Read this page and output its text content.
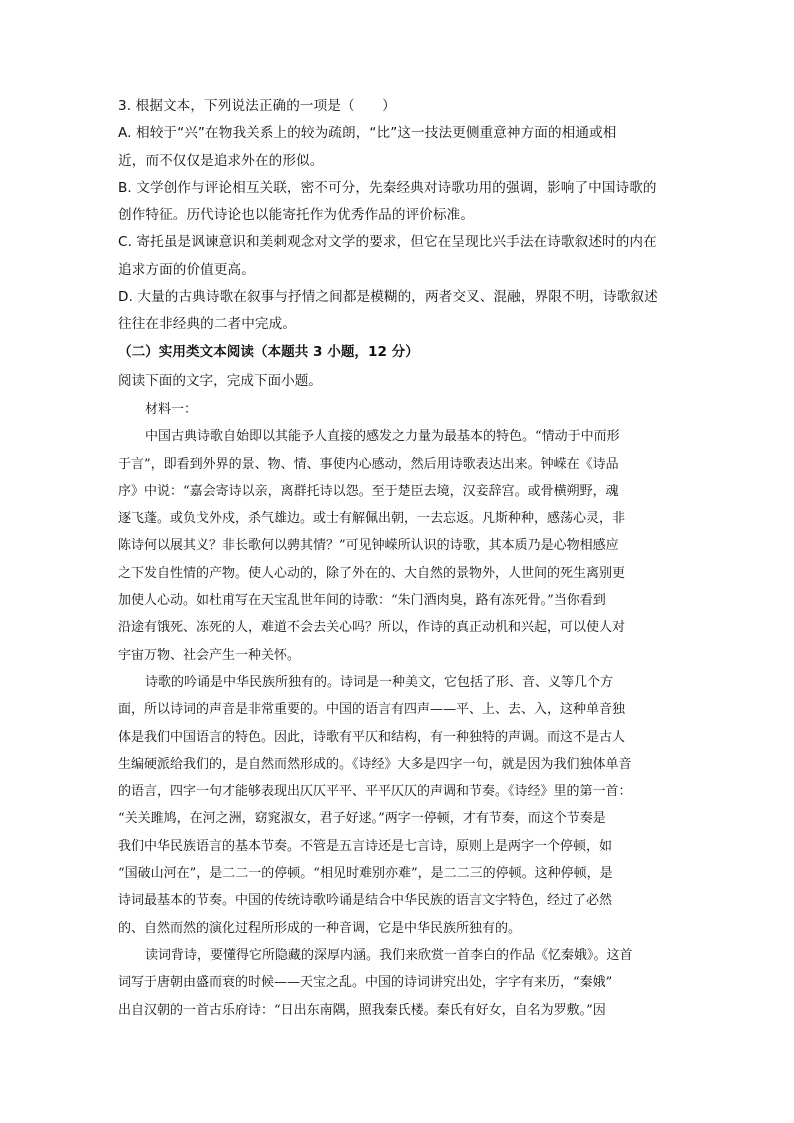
3. 根据文本，下列说法正确的一项是（　　）
A. 相较于“兴”在物我关系上的较为疏朗，“比”这一技法更侧重意神方面的相通或相
近，而不仅仅是追求外在的形似。
B. 文学创作与评论相互关联，密不可分，先秦经典对诗歌功用的强调，影响了中国诗歌的
创作特征。历代诗论也以能寄托作为优秀作品的评价标准。
C. 寄托虽是讽谏意识和美刺观念对文学的要求，但它在呈现比兴手法在诗歌叙述时的内在
追求方面的价值更高。
D. 大量的古典诗歌在叙事与抒情之间都是模糊的，两者交叉、混融，界限不明，诗歌叙述
往往在非经典的二者中完成。
（二）实用类文本阅读（本题共 3 小题，12 分）
阅读下面的文字，完成下面小题。
材料一：
中国古典诗歌自始即以其能予人直接的感发之力量为最基本的特色。“情动于中而形
于言”，即看到外界的景、物、情、事使内心感动，然后用诗歌表达出来。钟嵘在《诗品
序》中说：“嘉会寄诗以亲，离群托诗以怨。至于楚臣去境，汉妾辞宫。或骨横朔野，魂
逐飞蓬。或负戈外戍，杀气雄边。或士有解佩出朝，一去忘返。凡斯种种，感荡心灵，非
陈诗何以展其义？非长歌何以骋其情？”可见钟嵘所认识的诗歌，其本质乃是心物相感应
之下发自性情的产物。使人心动的，除了外在的、大自然的景物外，人世间的死生离别更
加使人心动。如杜甫写在天宝乱世年间的诗歌：“朱门酒肉臭，路有冻死骨。”当你看到
沿途有饿死、冻死的人，难道不会去关心吗？所以，作诗的真正动机和兴起，可以使人对
宇宙万物、社会产生一种关怀。
诗歌的吟诵是中华民族所独有的。诗词是一种美文，它包括了形、音、义等几个方
面，所以诗词的声音是非常重要的。中国的语言有四声——平、上、去、入，这种单音独
体是我们中国语言的特色。因此，诗歌有平仄和结构，有一种独特的声调。而这不是古人
生编硬派给我们的，是自然而然形成的。《诗经》大多是四字一句，就是因为我们独体单音
的语言，四字一句才能够表现出仄仄平平、平平仄仄的声调和节奏。《诗经》里的第一首：
“关关雎鸠，在河之洲，窈窕淑女，君子好逑。”两字一停顿，才有节奏，而这个节奏是
我们中华民族语言的基本节奏。不管是五言诗还是七言诗，原则上是两字一个停顿，如
“国破山河在”，是二二一的停顿。“相见时难别亦难”，是二二三的停顿。这种停顿，是
诗词最基本的节奏。中国的传统诗歌吟诵是结合中华民族的语言文字特色，经过了必然
的、自然而然的演化过程所形成的一种音调，它是中华民族所独有的。
读词背诗，要懂得它所隐藏的深厚内涵。我们来欣赏一首李白的作品《忆秦娥》。这首
词写于唐朝由盛而衰的时候——天宝之乱。中国的诗词讲究出处，字字有来历，“秦娥”
出自汉朝的一首古乐府诗：“日出东南隅，照我秦氏楼。秦氏有好女，自名为罗敷。”因
